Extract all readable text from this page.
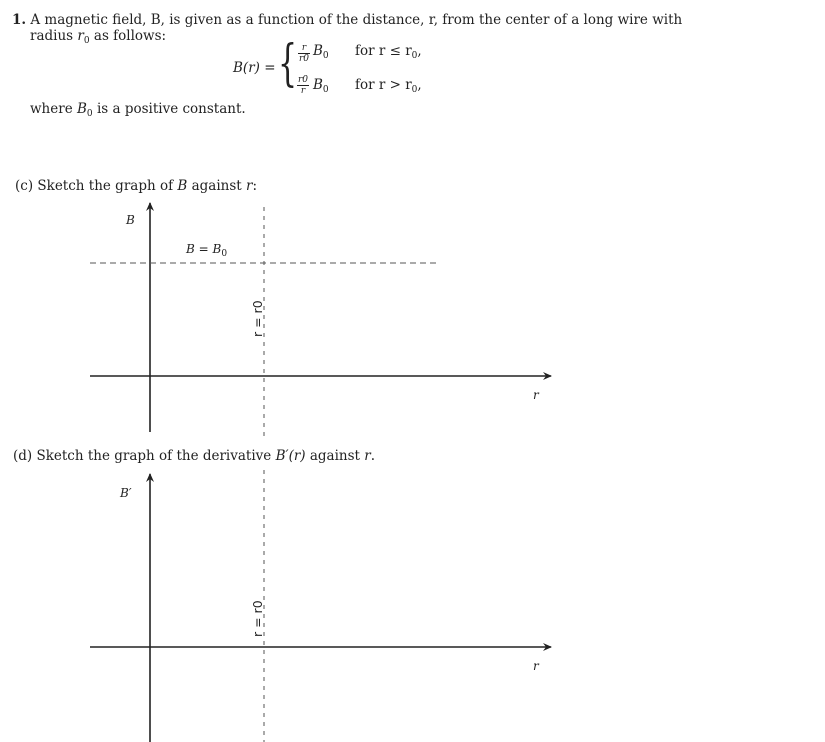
1. A magnetic field, B, is given as a function of the distance, r, from the center of a long wire with
radius $r_0$ as follows:
B(r) = { $\frac{r}{r0} B_0$ for $r \le r_0$,
$\frac{r0}{r} B_0$ for $r > r_0$,
where $B_0$ is a positive constant.
(c) Sketch the graph of B against r:
B
r
$B = B_0$
r = r0
(d) Sketch the graph of the derivative B′(r) against r.
B′
r
r = r0
